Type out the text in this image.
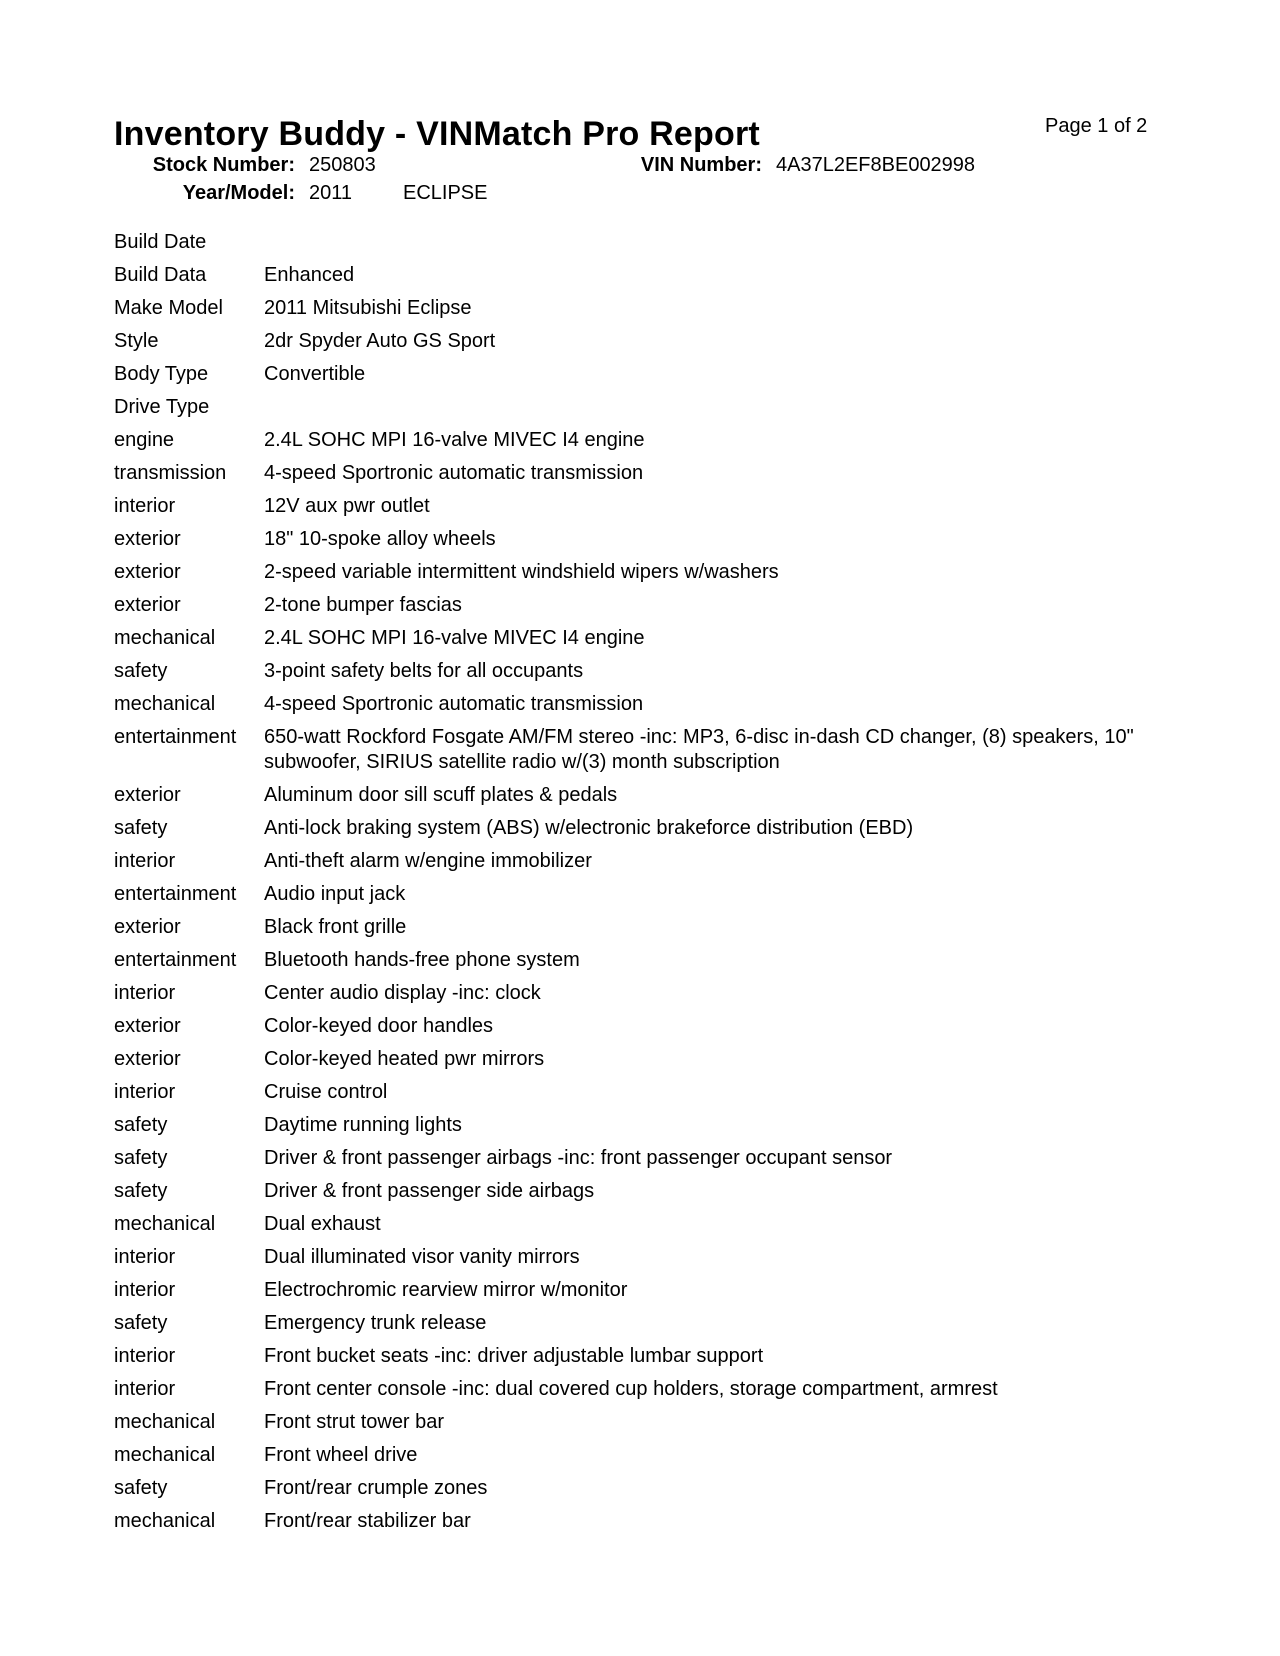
Inventory Buddy - VINMatch Pro Report	Page 1 of 2
Stock Number: 250803	VIN Number: 4A37L2EF8BE002998
Year/Model: 2011	ECLIPSE
Build Date
Build Data	Enhanced
Make Model	2011 Mitsubishi Eclipse
Style	2dr Spyder Auto GS Sport
Body Type	Convertible
Drive Type
engine	2.4L SOHC MPI 16-valve MIVEC I4 engine
transmission	4-speed Sportronic automatic transmission
interior	12V aux pwr outlet
exterior	18" 10-spoke alloy wheels
exterior	2-speed variable intermittent windshield wipers w/washers
exterior	2-tone bumper fascias
mechanical	2.4L SOHC MPI 16-valve MIVEC I4 engine
safety	3-point safety belts for all occupants
mechanical	4-speed Sportronic automatic transmission
entertainment	650-watt Rockford Fosgate AM/FM stereo -inc: MP3, 6-disc in-dash CD changer, (8) speakers, 10" subwoofer, SIRIUS satellite radio w/(3) month subscription
exterior	Aluminum door sill scuff plates & pedals
safety	Anti-lock braking system (ABS) w/electronic brakeforce distribution (EBD)
interior	Anti-theft alarm w/engine immobilizer
entertainment	Audio input jack
exterior	Black front grille
entertainment	Bluetooth hands-free phone system
interior	Center audio display -inc: clock
exterior	Color-keyed door handles
exterior	Color-keyed heated pwr mirrors
interior	Cruise control
safety	Daytime running lights
safety	Driver & front passenger airbags -inc: front passenger occupant sensor
safety	Driver & front passenger side airbags
mechanical	Dual exhaust
interior	Dual illuminated visor vanity mirrors
interior	Electrochromic rearview mirror w/monitor
safety	Emergency trunk release
interior	Front bucket seats -inc: driver adjustable lumbar support
interior	Front center console -inc: dual covered cup holders, storage compartment, armrest
mechanical	Front strut tower bar
mechanical	Front wheel drive
safety	Front/rear crumple zones
mechanical	Front/rear stabilizer bar
